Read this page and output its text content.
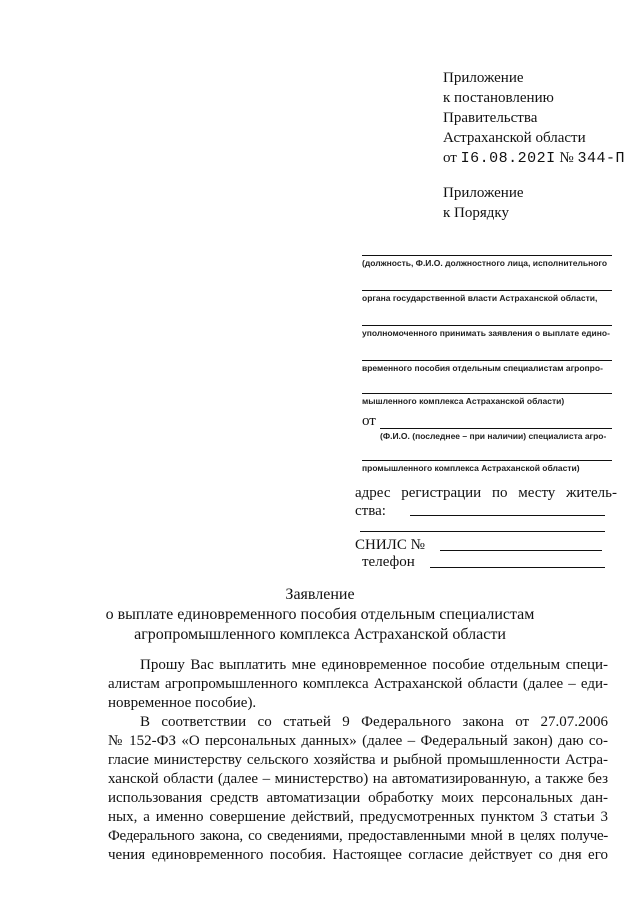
Приложение
к постановлению
Правительства
Астраханской области
от I6.08.202I № 344-П
Приложение
к Порядку
(должность, Ф.И.О. должностного лица, исполнительного
органа государственной власти Астраханской области,
уполномоченного принимать заявления о выплате едино-
временного пособия отдельным специалистам агропро-
мышленного комплекса Астраханской области)
от
(Ф.И.О. (последнее – при наличии) специалиста агро-
промышленного комплекса Астраханской области)
адрес регистрации по месту житель-
ства:
СНИЛС №
телефон
Заявление
о выплате единовременного пособия отдельным специалистам
агропромышленного комплекса Астраханской области

Прошу Вас выплатить мне единовременное пособие отдельным специ-

алистам агропромышленного комплекса Астраханской области (далее – еди-

новременное пособие).

В соответствии со статьей 9 Федерального закона от 27.07.2006

№ 152-ФЗ «О персональных данных» (далее – Федеральный закон) даю со-

гласие министерству сельского хозяйства и рыбной промышленности Астра-

ханской области (далее – министерство) на автоматизированную, а также без

использования средств автоматизации обработку моих персональных дан-

ных, а именно совершение действий, предусмотренных пунктом 3 статьи 3

Федерального закона, со сведениями, предоставленными мной в целях получе-

чения единовременного пособия. Настоящее согласие действует со дня его
